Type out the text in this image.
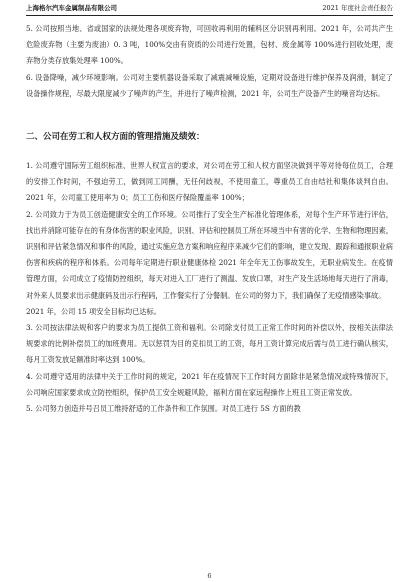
上海格尔汽车金属制品有限公司	2021 年度社会责任报告

5. 公司按照当地、省或国家的法规处理各项废弃物，可回收再利用的辅料区分识别再利用。2021 年，公司共产生危险废弃物（主要为废油）0. 3 吨，100%交由有资质的公司进行处置，包材、废金属等 100%进行回收处理，废弃物分类存放集处理率 100%。

6. 设备降噪，减少环境影响。公司对主要机器设备采取了减震减噪设施，定期对设备进行维护保养及润滑，制定了设备操作规程，尽最大限度减少了噪声的产生，并进行了噪声检测，2021 年，公司生产设备产生的噪音均达标。

二、公司在劳工和人权方面的管理措施及绩效：

1. 公司遵守国际劳工组织标准、世界人权宣言的要求，对公司在劳工和人权方面坚决做到平等对待每位员工，合理的安排工作时间，不强迫劳工，做到同工同酬，无任何歧视，不使用童工，尊重员工自由结社和集体谈判自由。2021 年，公司童工使用率为 0；员工工伤和医疗保险覆盖率 100%；

2. 公司致力于为员工创造健康安全的工作环境。公司推行了安全生产标准化管理体系，对每个生产环节进行评估，找出并消除可能存在的有身体伤害的职业风险，识别、评估和控制员工所在环境当中有害的化学、生物和物理因素，识别和评估紧急情况和事件的风险，通过实施应急方案和响应程序来减少它们的影响，建立发现、跟踪和通报职业病伤害和疾病的程序和体系。公司每年定期进行职业健康体检 2021 年全年无工伤事故发生，无职业病发生。在疫情管理方面，公司成立了疫情防控组织，每天对进入工厂进行了测温、发放口罩，对生产及生活场地每天进行了消毒，对外来人员要求出示健康码及出示行程码，工作餐实行了分餐制。在公司的努力下，我们确保了无疫情感染事故。

2021 年，公司 15 项安全目标均已达标。

3. 公司按法律法规和客户的要求为员工提供工资和福利。公司除支付员工正常工作时间的补偿以外，按相关法律法规要求的比例补偿员工的加班费用。无以惩罚为目的克扣员工的工资，每月工资计算完成后需与员工进行确认核实，每月工资发放足额准时率达到 100%。

4. 公司遵守适用的法律中关于工作时间的规定，2021 年在疫情况下工作时间方面除非是紧急情况或特殊情况下，公司响应国家要求成立防控组织，保护员工安全规避风险，福利方面在家远程操作上班且工资正常发放。

5. 公司努力创造并号召员工维持舒适的工作条件和工作氛围。对员工进行 5S 方面的教

6
